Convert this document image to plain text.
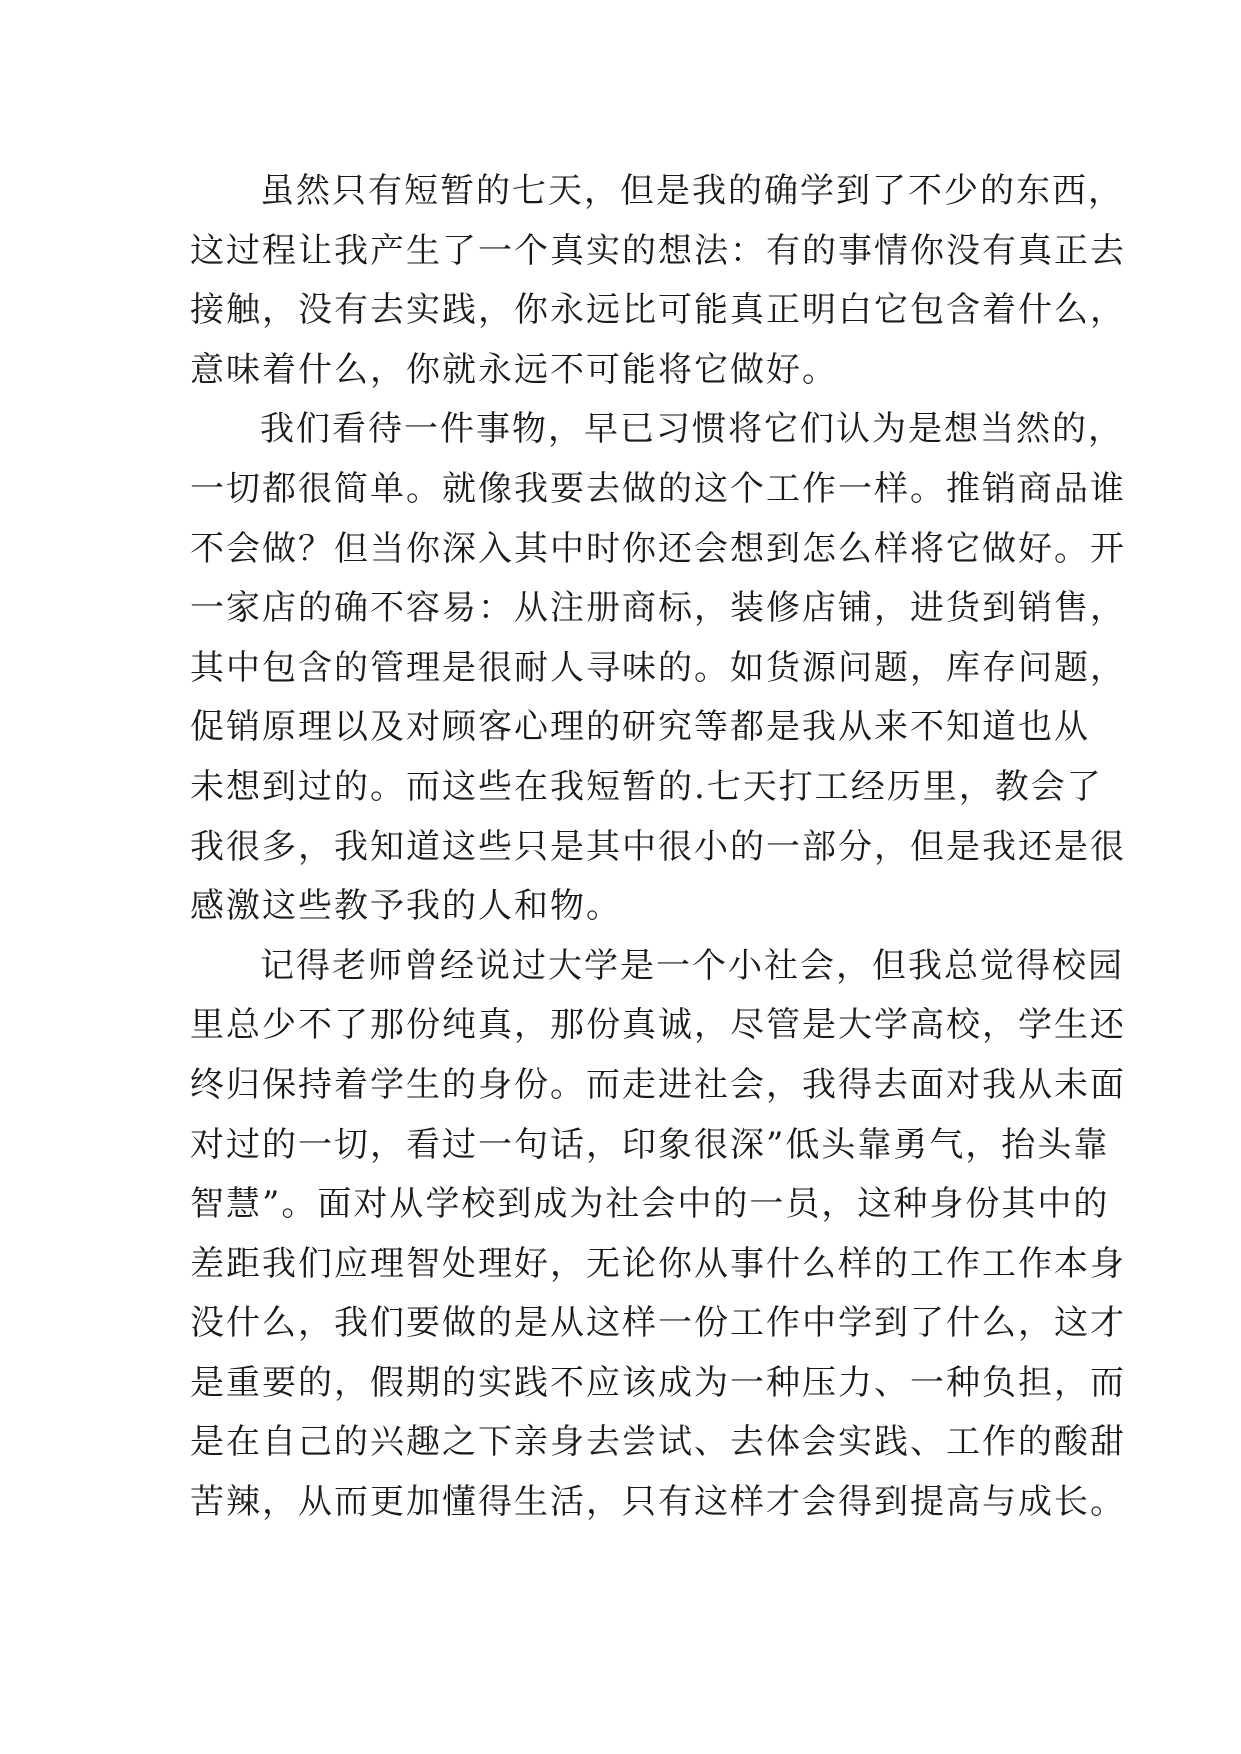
虽然只有短暂的七天，但是我的确学到了不少的东西，
这过程让我产生了一个真实的想法：有的事情你没有真正去
接触，没有去实践，你永远比可能真正明白它包含着什么，
意味着什么，你就永远不可能将它做好。
我们看待一件事物，早已习惯将它们认为是想当然的，
一切都很简单。就像我要去做的这个工作一样。推销商品谁
不会做？但当你深入其中时你还会想到怎么样将它做好。开
一家店的确不容易：从注册商标，装修店铺，进货到销售，
其中包含的管理是很耐人寻味的。如货源问题，库存问题，
促销原理以及对顾客心理的研究等都是我从来不知道也从
未想到过的。而这些在我短暂的.七天打工经历里，教会了
我很多，我知道这些只是其中很小的一部分，但是我还是很
感激这些教予我的人和物。
记得老师曾经说过大学是一个小社会，但我总觉得校园
里总少不了那份纯真，那份真诚，尽管是大学高校，学生还
终归保持着学生的身份。而走进社会，我得去面对我从未面
对过的一切，看过一句话，印象很深”低头靠勇气，抬头靠
智慧”。面对从学校到成为社会中的一员，这种身份其中的
差距我们应理智处理好，无论你从事什么样的工作工作本身
没什么，我们要做的是从这样一份工作中学到了什么，这才
是重要的，假期的实践不应该成为一种压力、一种负担，而
是在自己的兴趣之下亲身去尝试、去体会实践、工作的酸甜
苦辣，从而更加懂得生活，只有这样才会得到提高与成长。
